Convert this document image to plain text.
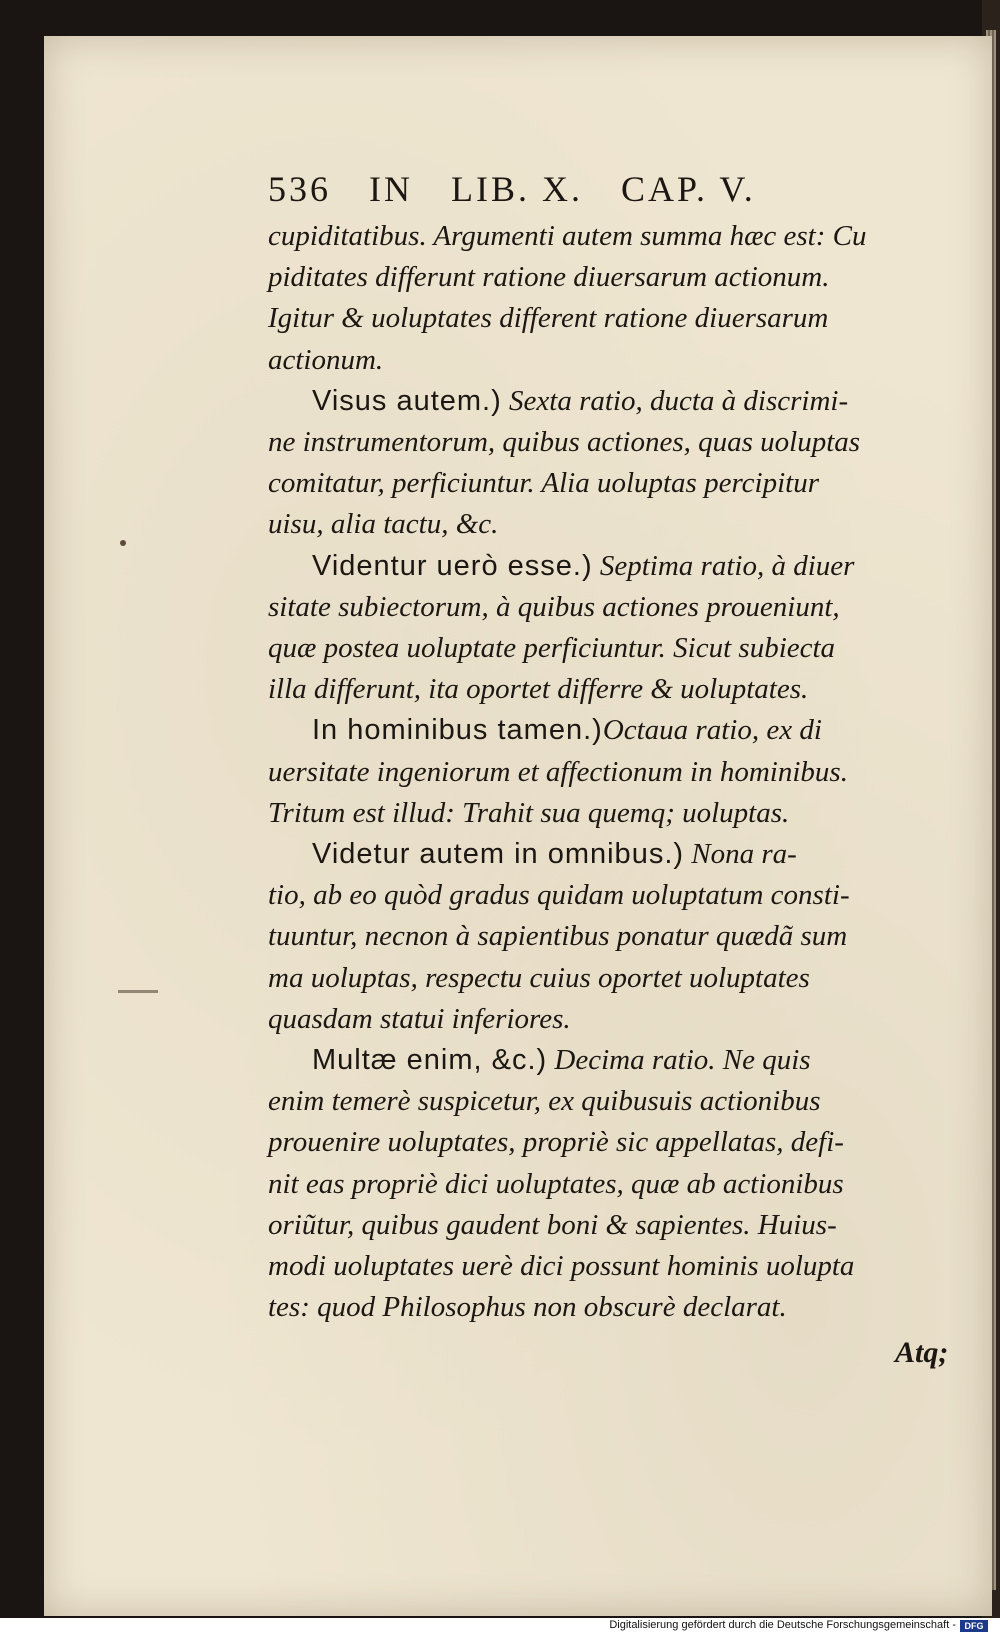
536 IN LIB. X. CAP. V.
cupiditatibus. Argumenti autem summa hæc est: Cu
piditates differunt ratione diuersarum actionum.
Igitur & uoluptates different ratione diuersarum
actionum.
Visus autem.) Sexta ratio, ducta à discrimi-
ne instrumentorum, quibus actiones, quas uoluptas
comitatur, perficiuntur. Alia uoluptas percipitur
uisu, alia tactu, &c.
Videntur uerò esse.) Septima ratio, à diuer
sitate subiectorum, à quibus actiones proueniunt,
quæ postea uoluptate perficiuntur. Sicut subiecta
illa differunt, ita oportet differre & uoluptates.
In hominibus tamen.)Octaua ratio, ex di
uersitate ingeniorum et affectionum in hominibus.
Tritum est illud: Trahit sua quemq; uoluptas.
Videtur autem in omnibus.) Nona ra-
tio, ab eo quòd gradus quidam uoluptatum consti-
tuuntur, necnon à sapientibus ponatur quædã sum
ma uoluptas, respectu cuius oportet uoluptates
quasdam statui inferiores.
Multæ enim, &c.) Decima ratio. Ne quis
enim temerè suspicetur, ex quibusuis actionibus
prouenire uoluptates, propriè sic appellatas, defi-
nit eas propriè dici uoluptates, quæ ab actionibus
oriũtur, quibus gaudent boni & sapientes. Huius-
modi uoluptates uerè dici possunt hominis uolupta
tes: quod Philosophus non obscurè declarat.
Atq;
Digitalisierung gefördert durch die Deutsche Forschungsgemeinschaft - DFG
